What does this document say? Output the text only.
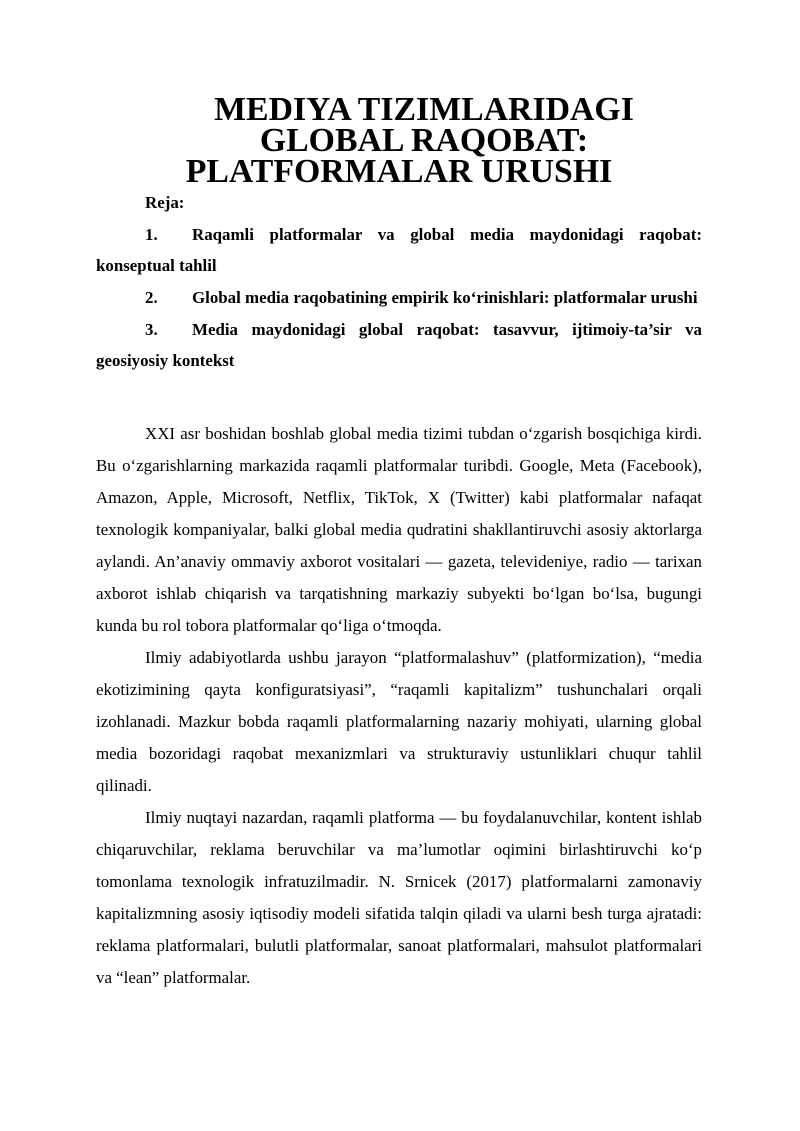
MEDIYA TIZIMLARIDAGI GLOBAL RAQOBAT:
PLATFORMALAR URUSHI

Reja:

1. Raqamli platformalar va global media maydonidagi raqobat: konseptual tahlil
2. Global media raqobatining empirik ko‘rinishlari: platformalar urushi
3. Media maydonidagi global raqobat: tasavvur, ijtimoiy-ta’sir va geosiyosiy kontekst

XXI asr boshidan boshlab global media tizimi tubdan o‘zgarish bosqichiga kirdi. Bu o‘zgarishlarning markazida raqamli platformalar turibdi. Google, Meta (Facebook), Amazon, Apple, Microsoft, Netflix, TikTok, X (Twitter) kabi platformalar nafaqat texnologik kompaniyalar, balki global media qudratini shakllantiruvchi asosiy aktorlarga aylandi. An’anaviy ommaviy axborot vositalari — gazeta, televideniye, radio — tarixan axborot ishlab chiqarish va tarqatishning markaziy subyekti bo‘lgan bo‘lsa, bugungi kunda bu rol tobora platformalar qo‘liga o‘tmoqda.

Ilmiy adabiyotlarda ushbu jarayon “platformalashuv” (platformization), “media ekotizimining qayta konfiguratsiyasi”, “raqamli kapitalizm” tushunchalari orqali izohlanadi. Mazkur bobda raqamli platformalarning nazariy mohiyati, ularning global media bozoridagi raqobat mexanizmlari va strukturaviy ustunliklari chuqur tahlil qilinadi.

Ilmiy nuqtayi nazardan, raqamli platforma — bu foydalanuvchilar, kontent ishlab chiqaruvchilar, reklama beruvchilar va ma’lumotlar oqimini birlashtiruvchi ko‘p tomonlama texnologik infratuzilmadir. N. Srnicek (2017) platformalarni zamonaviy kapitalizmning asosiy iqtisodiy modeli sifatida talqin qiladi va ularni besh turga ajratadi: reklama platformalari, bulutli platformalar, sanoat platformalari, mahsulot platformalari va “lean” platformalar.
